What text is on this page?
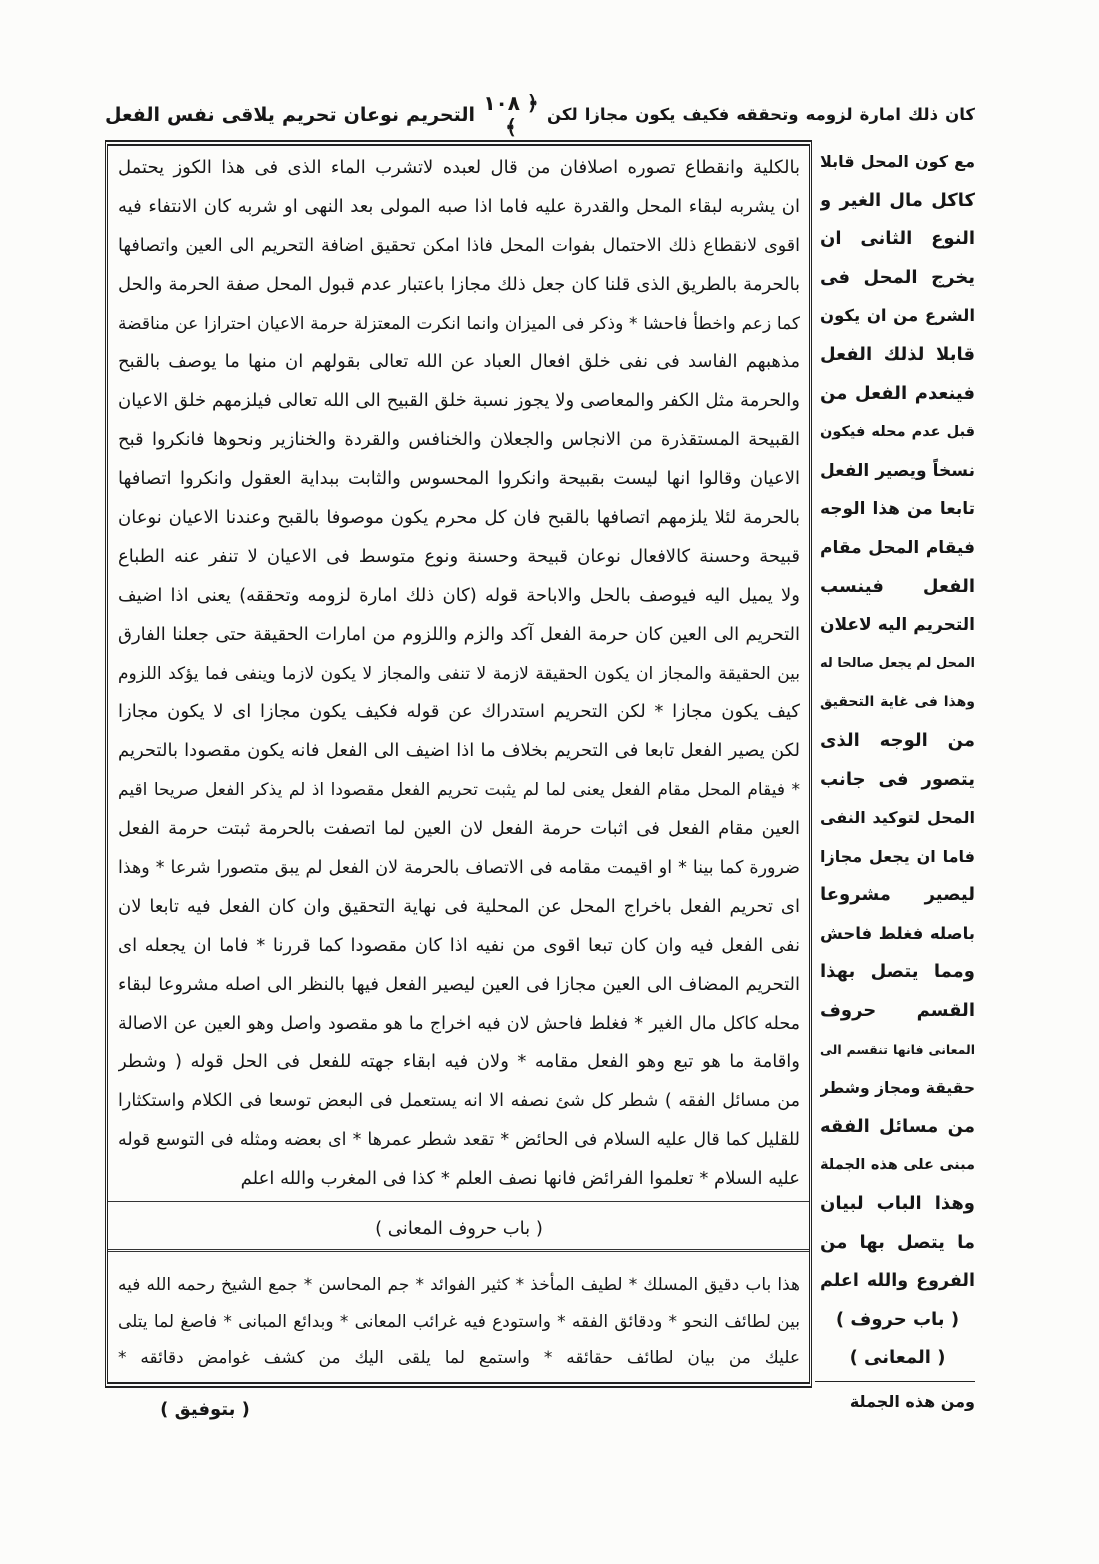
كان ذلك امارة لزومه وتحققه فكيف يكون مجازا لكن
﴿ ١٠٨ ﴾
التحريم نوعان تحريم يلاقى نفس الفعل
بالكلية وانقطاع تصوره اصلافان من قال لعبده لاتشرب الماء الذى فى هذا الكوز يحتمل
ان يشربه لبقاء المحل والقدرة عليه فاما اذا صبه المولى بعد النهى او شربه كان الانتفاء فيه
اقوى لانقطاع ذلك الاحتمال بفوات المحل فاذا امكن تحقيق اضافة التحريم الى العين واتصافها
بالحرمة بالطريق الذى قلنا كان جعل ذلك مجازا باعتبار عدم قبول المحل صفة الحرمة والحل
كما زعم واخطأ فاحشا * وذكر فى الميزان وانما انكرت المعتزلة حرمة الاعيان احترازا عن مناقضة
مذهبهم الفاسد فى نفى خلق افعال العباد عن الله تعالى بقولهم ان منها ما يوصف بالقبح
والحرمة مثل الكفر والمعاصى ولا يجوز نسبة خلق القبيح الى الله تعالى فيلزمهم خلق الاعيان
القبيحة المستقذرة من الانجاس والجعلان والخنافس والقردة والخنازير ونحوها فانكروا قبح
الاعيان وقالوا انها ليست بقبيحة وانكروا المحسوس والثابت ببداية العقول وانكروا اتصافها
بالحرمة لئلا يلزمهم اتصافها بالقبح فان كل محرم يكون موصوفا بالقبح وعندنا الاعيان نوعان
قبيحة وحسنة كالافعال نوعان قبيحة وحسنة ونوع متوسط فى الاعيان لا تنفر عنه الطباع
ولا يميل اليه فيوصف بالحل والاباحة قوله (كان ذلك امارة لزومه وتحققه) يعنى اذا اضيف
التحريم الى العين كان حرمة الفعل آكد والزم واللزوم من امارات الحقيقة حتى جعلنا الفارق
بين الحقيقة والمجاز ان يكون الحقيقة لازمة لا تنفى والمجاز لا يكون لازما وينفى فما يؤكد اللزوم
كيف يكون مجازا * لكن التحريم استدراك عن قوله فكيف يكون مجازا اى لا يكون مجازا
لكن يصير الفعل تابعا فى التحريم بخلاف ما اذا اضيف الى الفعل فانه يكون مقصودا بالتحريم
* فيقام المحل مقام الفعل يعنى لما لم يثبت تحريم الفعل مقصودا اذ لم يذكر الفعل صريحا اقيم
العين مقام الفعل فى اثبات حرمة الفعل لان العين لما اتصفت بالحرمة ثبتت حرمة الفعل
ضرورة كما بينا * او اقيمت مقامه فى الاتصاف بالحرمة لان الفعل لم يبق متصورا شرعا * وهذا
اى تحريم الفعل باخراج المحل عن المحلية فى نهاية التحقيق وان كان الفعل فيه تابعا لان
نفى الفعل فيه وان كان تبعا اقوى من نفيه اذا كان مقصودا كما قررنا * فاما ان يجعله اى
التحريم المضاف الى العين مجازا فى العين ليصير الفعل فيها بالنظر الى اصله مشروعا لبقاء
محله كاكل مال الغير * فغلط فاحش لان فيه اخراج ما هو مقصود واصل وهو العين عن الاصالة
واقامة ما هو تبع وهو الفعل مقامه * ولان فيه ابقاء جهته للفعل فى الحل قوله ( وشطر
من مسائل الفقه ) شطر كل شئ نصفه الا انه يستعمل فى البعض توسعا فى الكلام واستكثارا
للقليل كما قال عليه السلام فى الحائض * تقعد شطر عمرها * اى بعضه ومثله فى التوسع قوله
عليه السلام * تعلموا الفرائض فانها نصف العلم * كذا فى المغرب والله اعلم
( باب حروف المعانى )
هذا باب دقيق المسلك * لطيف المأخذ * كثير الفوائد * جم المحاسن * جمع الشيخ رحمه الله فيه
بين لطائف النحو * ودقائق الفقه * واستودع فيه غرائب المعانى * وبدائع المبانى * فاصغ لما يتلى
عليك من بيان لطائف حقائقه * واستمع لما يلقى اليك من كشف غوامض دقائقه *
مع كون المحل قابلا
كاكل مال الغير و
النوع الثانى ان
يخرج المحل فى
الشرع من ان يكون
قابلا لذلك الفعل
فينعدم الفعل من
قبل عدم محله فيكون
نسخاً ويصير الفعل
تابعا من هذا الوجه
فيقام المحل مقام
الفعل فينسب
التحريم اليه لاعلان
المحل لم يجعل صالحا له
وهذا فى غاية التحقيق
من الوجه الذى
يتصور فى جانب
المحل لتوكيد النفى
فاما ان يجعل مجازا
ليصير مشروعا
باصله فغلط فاحش
ومما يتصل بهذا
القسم حروف
المعانى فانها تنقسم الى
حقيقة ومجاز وشطر
من مسائل الفقه
مبنى على هذه الجملة
وهذا الباب لبيان
ما يتصل بها من
الفروع والله اعلم
( باب حروف )
( المعانى )
ومن هذه الجملة
( بتوفيق )
